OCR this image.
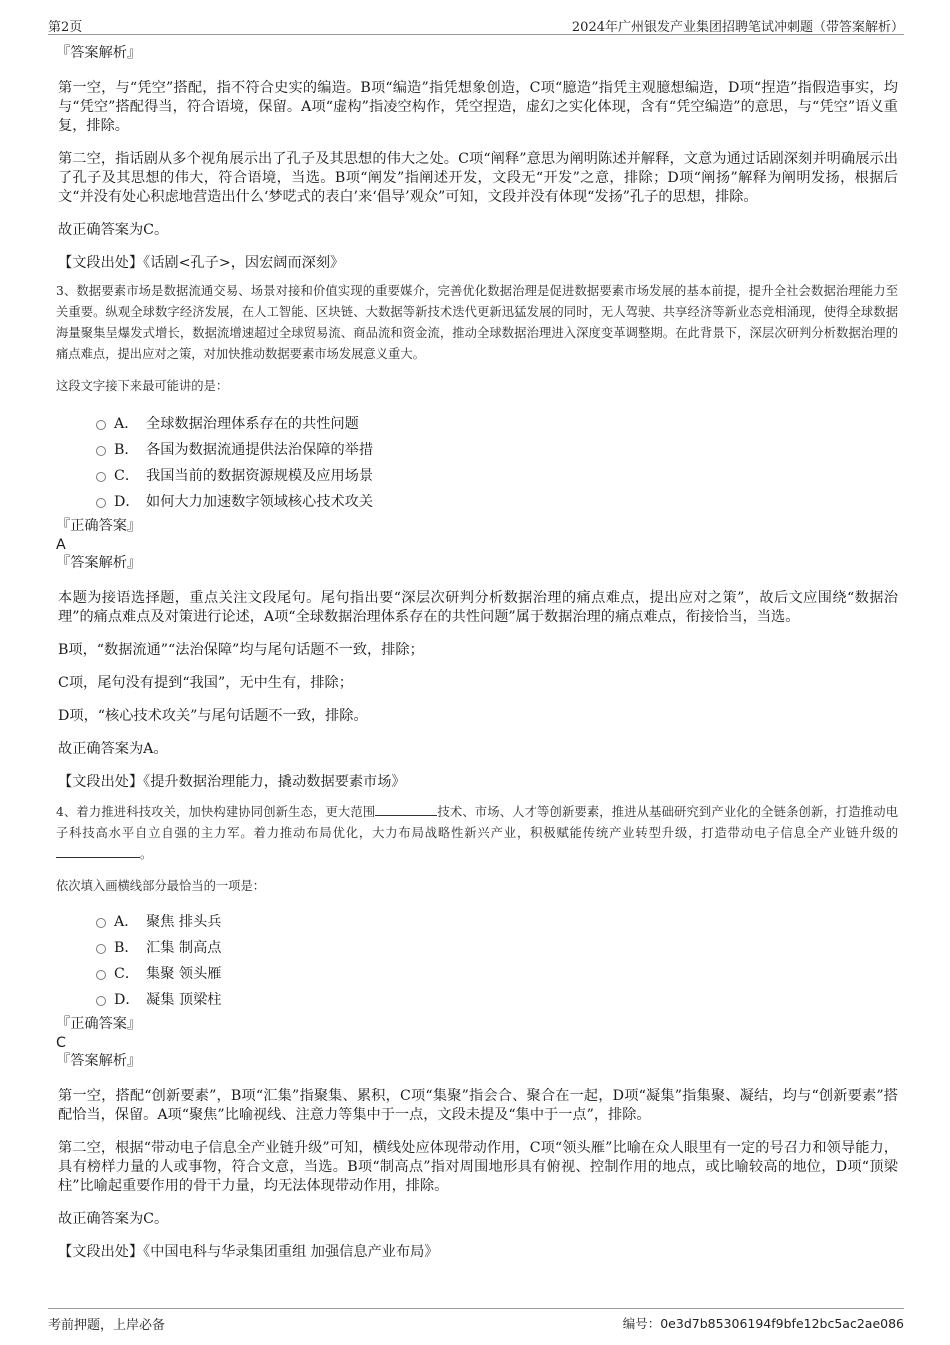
第2页	2024年广州银发产业集团招聘笔试冲刺题（带答案解析）

『答案解析』

第一空，与“凭空”搭配，指不符合史实的编造。B项“编造”指凭想象创造，C项“臆造”指凭主观臆想编造，D项“捏造”指假造事实，均与“凭空”搭配得当，符合语境，保留。A项“虚构”指凌空构作，凭空捏造，虚幻之实化体现，含有“凭空编造”的意思，与“凭空”语义重复，排除。

第二空，指话剧从多个视角展示出了孔子及其思想的伟大之处。C项“阐释”意思为阐明陈述并解释，文意为通过话剧深刻并明确展示出了孔子及其思想的伟大，符合语境，当选。B项“阐发”指阐述开发，文段无“开发”之意，排除；D项“阐扬”解释为阐明发扬，根据后文“并没有处心积虑地营造出什么‘梦呓式的表白’来‘倡导’观众”可知，文段并没有体现“发扬”孔子的思想，排除。

故正确答案为C。

【文段出处】《话剧<孔子>，因宏阔而深刻》

3、数据要素市场是数据流通交易、场景对接和价值实现的重要媒介，完善优化数据治理是促进数据要素市场发展的基本前提，提升全社会数据治理能力至关重要。纵观全球数字经济发展，在人工智能、区块链、大数据等新技术迭代更新迅猛发展的同时，无人驾驶、共享经济等新业态竞相涌现，使得全球数据海量聚集呈爆发式增长，数据流增速超过全球贸易流、商品流和资金流，推动全球数据治理进入深度变革调整期。在此背景下，深层次研判分析数据治理的痛点难点，提出应对之策，对加快推动数据要素市场发展意义重大。

这段文字接下来最可能讲的是：

A． 全球数据治理体系存在的共性问题
B． 各国为数据流通提供法治保障的举措
C． 我国当前的数据资源规模及应用场景
D． 如何大力加速数字领域核心技术攻关

『正确答案』

A

『答案解析』

本题为接语选择题，重点关注文段尾句。尾句指出要“深层次研判分析数据治理的痛点难点，提出应对之策”，故后文应围绕“数据治理”的痛点难点及对策进行论述，A项“全球数据治理体系存在的共性问题”属于数据治理的痛点难点，衔接恰当，当选。

B项，“数据流通”“法治保障”均与尾句话题不一致，排除；

C项，尾句没有提到“我国”，无中生有，排除；

D项，“核心技术攻关”与尾句话题不一致，排除。

故正确答案为A。

【文段出处】《提升数据治理能力，撬动数据要素市场》

4、着力推进科技攻关，加快构建协同创新生态，更大范围	技术、市场、人才等创新要素，推进从基础研究到产业化的全链条创新，打造推动电子科技高水平自立自强的主力军。着力推动布局优化，大力布局战略性新兴产业，积极赋能传统产业转型升级，打造带动电子信息全产业链升级的。

依次填入画横线部分最恰当的一项是：

A． 聚焦 排头兵
B． 汇集 制高点
C． 集聚 领头雁
D． 凝集 顶梁柱

『正确答案』

C

『答案解析』

第一空，搭配“创新要素”，B项“汇集”指聚集、累积，C项“集聚”指会合、聚合在一起，D项“凝集”指集聚、凝结，均与“创新要素”搭配恰当，保留。A项“聚焦”比喻视线、注意力等集中于一点，文段未提及“集中于一点”，排除。

第二空，根据“带动电子信息全产业链升级”可知，横线处应体现带动作用，C项“领头雁”比喻在众人眼里有一定的号召力和领导能力，具有榜样力量的人或事物，符合文意，当选。B项“制高点”指对周围地形具有俯视、控制作用的地点，或比喻较高的地位，D项“顶梁柱”比喻起重要作用的骨干力量，均无法体现带动作用，排除。

故正确答案为C。

【文段出处】《中国电科与华录集团重组 加强信息产业布局》

考前押题，上岸必备	编号：0e3d7b85306194f9bfe12bc5ac2ae086
